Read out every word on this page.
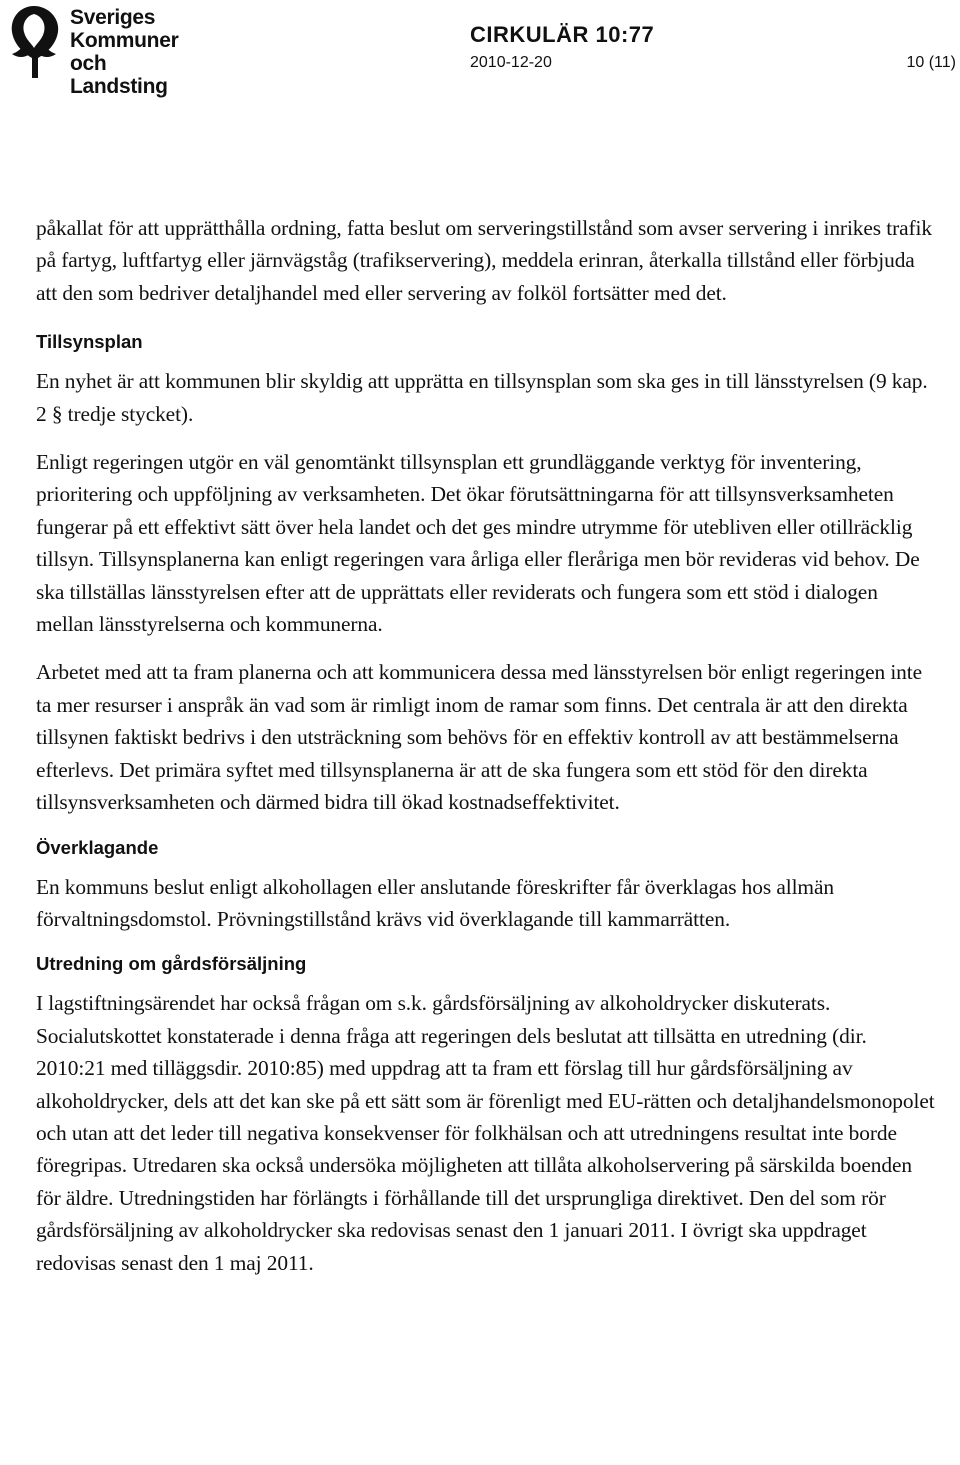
Sveriges
Kommuner
och Landsting
CIRKULÄR 10:77
2010-12-20	10 (11)

påkallat för att upprätthålla ordning, fatta beslut om serveringstillstånd som avser servering i inrikes trafik på fartyg, luftfartyg eller järnvägståg (trafikservering), meddela erinran, återkalla tillstånd eller förbjuda att den som bedriver detaljhandel med eller servering av folköl fortsätter med det.

Tillsynsplan

En nyhet är att kommunen blir skyldig att upprätta en tillsynsplan som ska ges in till länsstyrelsen (9 kap. 2 § tredje stycket).

Enligt regeringen utgör en väl genomtänkt tillsynsplan ett grundläggande verktyg för inventering, prioritering och uppföljning av verksamheten. Det ökar förutsättningarna för att tillsynsverksamheten fungerar på ett effektivt sätt över hela landet och det ges mindre utrymme för utebliven eller otillräcklig tillsyn. Tillsynsplanerna kan enligt regeringen vara årliga eller fleråriga men bör revideras vid behov. De ska tillställas länsstyrelsen efter att de upprättats eller reviderats och fungera som ett stöd i dialogen mellan länsstyrelserna och kommunerna.

Arbetet med att ta fram planerna och att kommunicera dessa med länsstyrelsen bör enligt regeringen inte ta mer resurser i anspråk än vad som är rimligt inom de ramar som finns. Det centrala är att den direkta tillsynen faktiskt bedrivs i den utsträckning som behövs för en effektiv kontroll av att bestämmelserna efterlevs. Det primära syftet med tillsynsplanerna är att de ska fungera som ett stöd för den direkta tillsynsverksamheten och därmed bidra till ökad kostnadseffektivitet.

Överklagande

En kommuns beslut enligt alkohollagen eller anslutande föreskrifter får överklagas hos allmän förvaltningsdomstol. Prövningstillstånd krävs vid överklagande till kammarrätten.

Utredning om gårdsförsäljning

I lagstiftningsärendet har också frågan om s.k. gårdsförsäljning av alkoholdrycker diskuterats. Socialutskottet konstaterade i denna fråga att regeringen dels beslutat att tillsätta en utredning (dir. 2010:21 med tilläggsdir. 2010:85) med uppdrag att ta fram ett förslag till hur gårdsförsäljning av alkoholdrycker, dels att det kan ske på ett sätt som är förenligt med EU-rätten och detaljhandelsmonopolet och utan att det leder till negativa konsekvenser för folkhälsan och att utredningens resultat inte borde föregripas. Utredaren ska också undersöka möjligheten att tillåta alkoholservering på särskilda boenden för äldre. Utredningstiden har förlängts i förhållande till det ursprungliga direktivet. Den del som rör gårdsförsäljning av alkoholdrycker ska redovisas senast den 1 januari 2011. I övrigt ska uppdraget redovisas senast den 1 maj 2011.
